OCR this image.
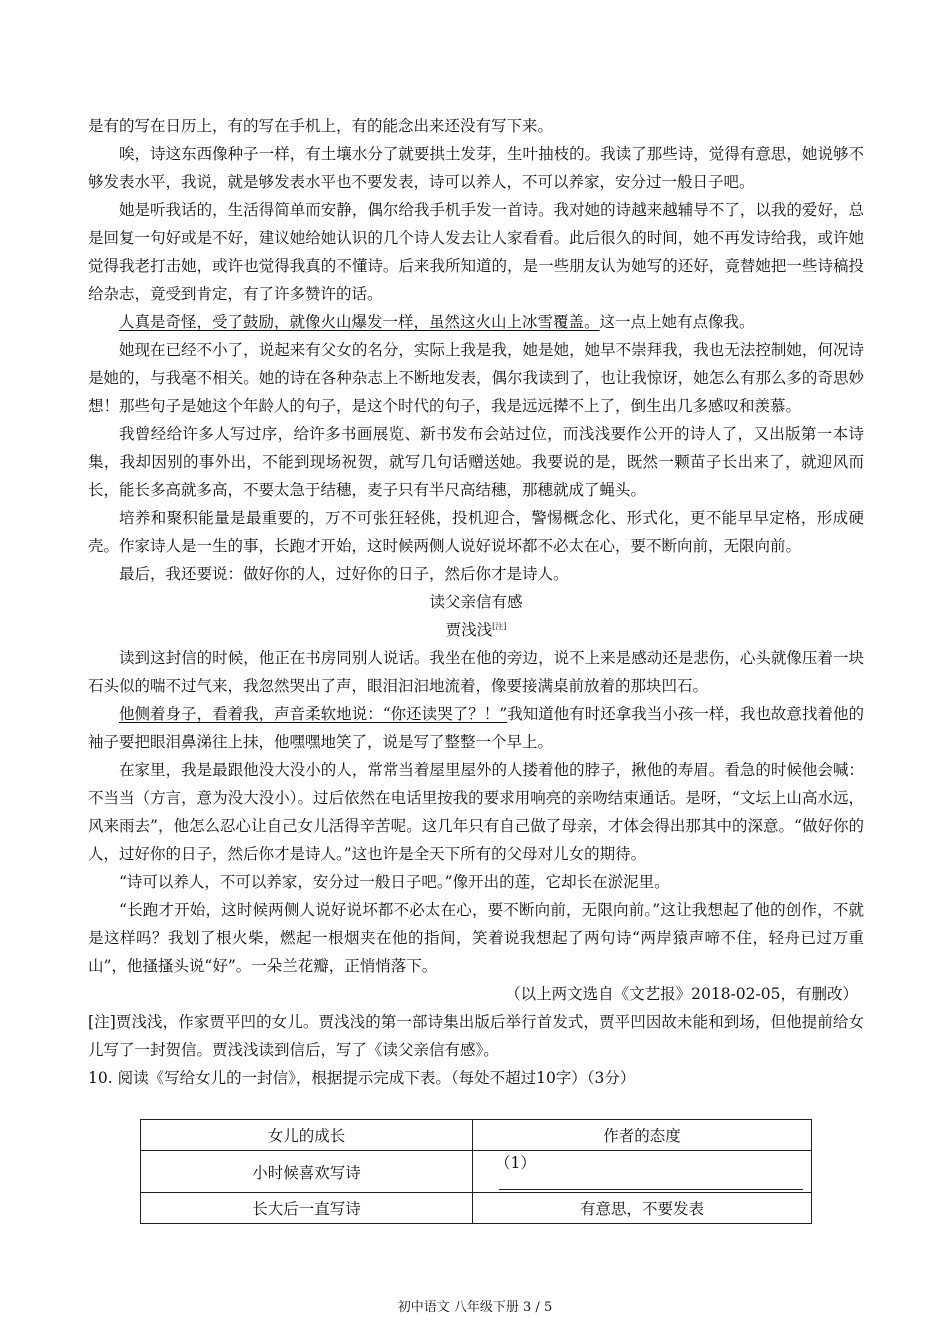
是有的写在日历上，有的写在手机上，有的能念出来还没有写下来。

唉，诗这东西像种子一样，有土壤水分了就要拱土发芽，生叶抽枝的。我读了那些诗，觉得有意思，她说够不够发表水平，我说，就是够发表水平也不要发表，诗可以养人，不可以养家，安分过一般日子吧。

她是听我话的，生活得简单而安静，偶尔给我手机手发一首诗。我对她的诗越来越辅导不了，以我的爱好，总是回复一句好或是不好，建议她给她认识的几个诗人发去让人家看看。此后很久的时间，她不再发诗给我，或许她觉得我老打击她，或许也觉得我真的不懂诗。后来我所知道的，是一些朋友认为她写的还好，竟替她把一些诗稿投给杂志，竟受到肯定，有了许多赞许的话。

人真是奇怪，受了鼓励，就像火山爆发一样，虽然这火山上冰雪覆盖。这一点上她有点像我。

她现在已经不小了，说起来有父女的名分，实际上我是我，她是她，她早不崇拜我，我也无法控制她，何况诗是她的，与我毫不相关。她的诗在各种杂志上不断地发表，偶尔我读到了，也让我惊讶，她怎么有那么多的奇思妙想！那些句子是她这个年龄人的句子，是这个时代的句子，我是远远撵不上了，倒生出几多感叹和羡慕。

我曾经给许多人写过序，给许多书画展览、新书发布会站过位，而浅浅要作公开的诗人了，又出版第一本诗集，我却因别的事外出，不能到现场祝贺，就写几句话赠送她。我要说的是，既然一颗苗子长出来了，就迎风而长，能长多高就多高，不要太急于结穗，麦子只有半尺高结穗，那穗就成了蝇头。

培养和聚积能量是最重要的，万不可张狂轻佻，投机迎合，警惕概念化、形式化，更不能早早定格，形成硬壳。作家诗人是一生的事，长跑才开始，这时候两侧人说好说坏都不必太在心，要不断向前，无限向前。

最后，我还要说：做好你的人，过好你的日子，然后你才是诗人。

读父亲信有感

贾浅浅[注]

读到这封信的时候，他正在书房同别人说话。我坐在他的旁边，说不上来是感动还是悲伤，心头就像压着一块石头似的喘不过气来，我忽然哭出了声，眼泪汩汩地流着，像要接满桌前放着的那块凹石。

他侧着身子，看着我，声音柔软地说：“你还读哭了？！”我知道他有时还拿我当小孩一样，我也故意找着他的袖子要把眼泪鼻涕往上抹，他嘿嘿地笑了，说是写了整整一个早上。

在家里，我是最跟他没大没小的人，常常当着屋里屋外的人搂着他的脖子，揪他的寿眉。看急的时候他会喊：不当当（方言，意为没大没小）。过后依然在电话里按我的要求用响亮的亲吻结束通话。是呀，“文坛上山高水远，风来雨去”，他怎么忍心让自己女儿活得辛苦呢。这几年只有自己做了母亲，才体会得出那其中的深意。“做好你的人，过好你的日子，然后你才是诗人。”这也许是全天下所有的父母对儿女的期待。

“诗可以养人，不可以养家，安分过一般日子吧。”像开出的莲，它却长在淤泥里。

“长跑才开始，这时候两侧人说好说坏都不必太在心，要不断向前，无限向前。”这让我想起了他的创作，不就是这样吗？我划了根火柴，燃起一根烟夹在他的指间，笑着说我想起了两句诗“两岸猿声啼不住，轻舟已过万重山”，他搔搔头说“好”。一朵兰花瓣，正悄悄落下。

（以上两文选自《文艺报》2018-02-05，有删改）

[注]贾浅浅，作家贾平凹的女儿。贾浅浅的第一部诗集出版后举行首发式，贾平凹因故未能和到场，但他提前给女儿写了一封贺信。贾浅浅读到信后，写了《读父亲信有感》。

10. 阅读《写给女儿的一封信》，根据提示完成下表。（每处不超过10字）（3分）

女儿的成长	作者的态度
小时候喜欢写诗	（1）
长大后一直写诗	有意思，不要发表
初中语文 八年级下册 3 / 5
